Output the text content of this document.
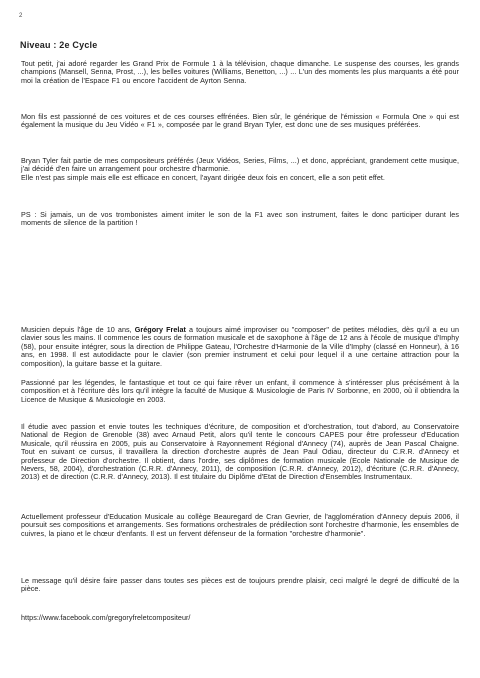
2
Niveau : 2e Cycle

Tout petit, j'ai adoré regarder les Grand Prix de Formule 1 à la télévision, chaque dimanche. Le suspense des courses, les grands champions (Mansell, Senna, Prost, ...), les belles voitures (Williams, Benetton, ...) ... L'un des moments les plus marquants a été pour moi la création de l'Espace F1 ou encore l'accident de Ayrton Senna.

Mon fils est passionné de ces voitures et de ces courses effrénées. Bien sûr, le générique de l'émission « Formula One » qui est également la musique du Jeu Vidéo « F1 », composée par le grand Bryan Tyler, est donc une de ses musiques préférées.

Bryan Tyler fait partie de mes compositeurs préférés (Jeux Vidéos, Series, Films, ...) et donc, appréciant, grandement cette musique, j'ai décidé d'en faire un arrangement pour orchestre d'harmonie.

Elle n'est pas simple mais elle est efficace en concert, l'ayant dirigée deux fois en concert, elle a son petit effet.

PS : Si jamais, un de vos trombonistes aiment imiter le son de la F1 avec son instrument, faites le donc participer durant les moments de silence de la partition !

Musicien depuis l'âge de 10 ans, Grégory Frelat a toujours aimé improviser ou "composer" de petites mélodies, dès qu'il a eu un clavier sous les mains. Il commence les cours de formation musicale et de saxophone à l'âge de 12 ans à l'école de musique d'Imphy (58), pour ensuite intégrer, sous la direction de Philippe Gateau, l'Orchestre d'Harmonie de la Ville d'Imphy (classé en Honneur), à 16 ans, en 1998. Il est autodidacte pour le clavier (son premier instrument et celui pour lequel il a une certaine attraction pour la composition), la guitare basse et la guitare.

Passionné par les légendes, le fantastique et tout ce qui faire rêver un enfant, il commence à s'intéresser plus précisément à la composition et à l'écriture dès lors qu'il intègre la faculté de Musique & Musicologie de Paris IV Sorbonne, en 2000, où il obtiendra la Licence de Musique & Musicologie en 2003.

Il étudie avec passion et envie toutes les techniques d'écriture, de composition et d'orchestration, tout d'abord, au Conservatoire National de Region de Grenoble (38) avec Arnaud Petit, alors qu'il tente le concours CAPES pour être professeur d'Education Musicale, qu'il réussira en 2005, puis au Conservatoire à Rayonnement Régional d'Annecy (74), auprès de Jean Pascal Chaigne. Tout en suivant ce cursus, il travaillera la direction d'orchestre auprès de Jean Paul Odiau, directeur du C.R.R. d'Annecy et professeur de Direction d'orchestre. Il obtient, dans l'ordre, ses diplômes de formation musicale (Ecole Nationale de Musique de Nevers, 58, 2004), d'orchestration (C.R.R. d'Annecy, 2011), de composition (C.R.R. d'Annecy, 2012), d'écriture (C.R.R. d'Annecy, 2013) et de direction (C.R.R. d'Annecy, 2013). Il est titulaire du Diplôme d'Etat de Direction d'Ensembles Instrumentaux.

Actuellement professeur d'Education Musicale au collège Beauregard de Cran Gevrier, de l'agglomération d'Annecy depuis 2006, il poursuit ses compositions et arrangements. Ses formations orchestrales de prédilection sont l'orchestre d'harmonie, les ensembles de cuivres, la piano et le chœur d'enfants. Il est un fervent défenseur de la formation "orchestre d'harmonie".

Le message qu'il désire faire passer dans toutes ses pièces est de toujours prendre plaisir, ceci malgré le degré de difficulté de la pièce.

https://www.facebook.com/gregoryfreletcompositeur/
